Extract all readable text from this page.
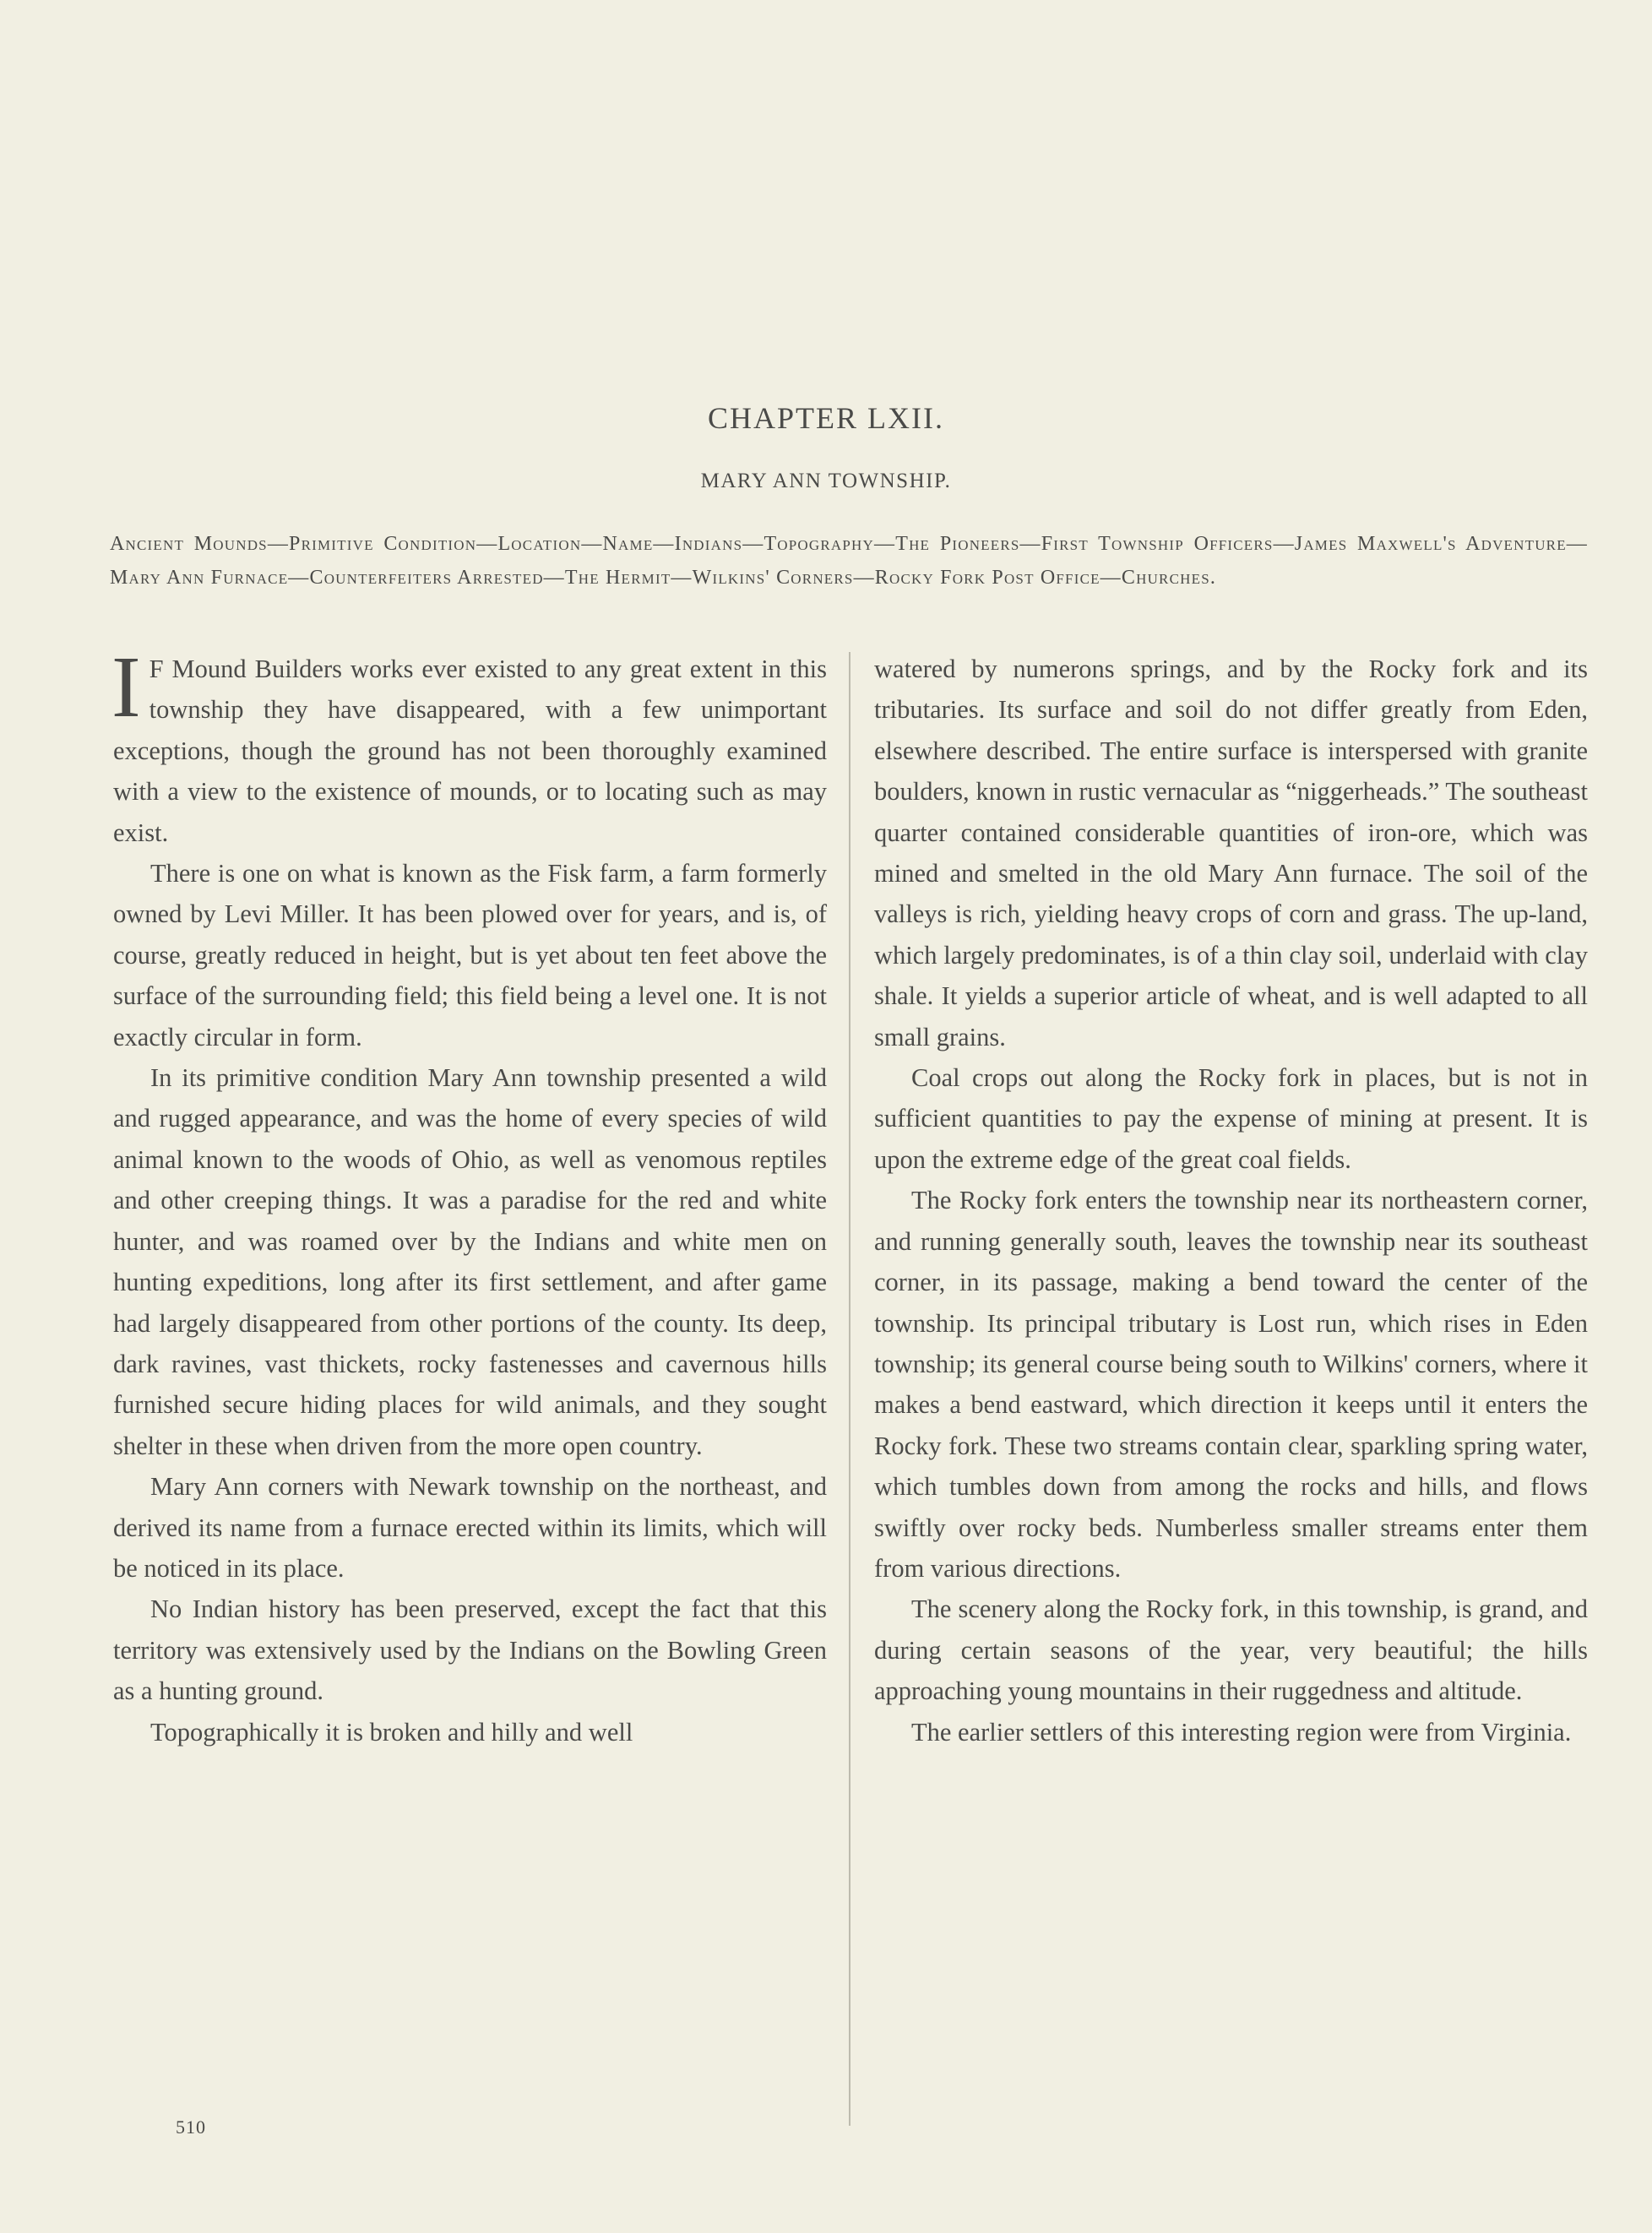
CHAPTER LXII.
MARY ANN TOWNSHIP.
Ancient Mounds—Primitive Condition—Location—Name—Indians—Topography—The Pioneers—First Township Officers—James Maxwell's Adventure—Mary Ann Furnace—Counterfeiters Arrested—The Hermit—Wilkins' Corners—Rocky Fork Post Office—Churches.

I F Mound Builders works ever existed to any great extent in this township they have disappeared, with a few unimportant exceptions, though the ground has not been thoroughly examined with a view to the existence of mounds, or to locating such as may exist.

There is one on what is known as the Fisk farm, a farm formerly owned by Levi Miller. It has been plowed over for years, and is, of course, greatly reduced in height, but is yet about ten feet above the surface of the surrounding field; this field being a level one. It is not exactly circular in form.

In its primitive condition Mary Ann township presented a wild and rugged appearance, and was the home of every species of wild animal known to the woods of Ohio, as well as venomous reptiles and other creeping things. It was a paradise for the red and white hunter, and was roamed over by the Indians and white men on hunting expeditions, long after its first settlement, and after game had largely disappeared from other portions of the county. Its deep, dark ravines, vast thickets, rocky fastenesses and cavernous hills furnished secure hiding places for wild animals, and they sought shelter in these when driven from the more open country.

Mary Ann corners with Newark township on the northeast, and derived its name from a furnace erected within its limits, which will be noticed in its place.

No Indian history has been preserved, except the fact that this territory was extensively used by the Indians on the Bowling Green as a hunting ground.

Topographically it is broken and hilly and well

watered by numerons springs, and by the Rocky fork and its tributaries. Its surface and soil do not differ greatly from Eden, elsewhere described. The entire surface is interspersed with granite boulders, known in rustic vernacular as “niggerheads.” The southeast quarter contained considerable quantities of iron-ore, which was mined and smelted in the old Mary Ann furnace. The soil of the valleys is rich, yielding heavy crops of corn and grass. The up-land, which largely predominates, is of a thin clay soil, underlaid with clay shale. It yields a superior article of wheat, and is well adapted to all small grains.

Coal crops out along the Rocky fork in places, but is not in sufficient quantities to pay the expense of mining at present. It is upon the extreme edge of the great coal fields.

The Rocky fork enters the township near its northeastern corner, and running generally south, leaves the township near its southeast corner, in its passage, making a bend toward the center of the township. Its principal tributary is Lost run, which rises in Eden township; its general course being south to Wilkins' corners, where it makes a bend eastward, which direction it keeps until it enters the Rocky fork. These two streams contain clear, sparkling spring water, which tumbles down from among the rocks and hills, and flows swiftly over rocky beds. Numberless smaller streams enter them from various directions.

The scenery along the Rocky fork, in this township, is grand, and during certain seasons of the year, very beautiful; the hills approaching young mountains in their ruggedness and altitude.

The earlier settlers of this interesting region were from Virginia.

510
